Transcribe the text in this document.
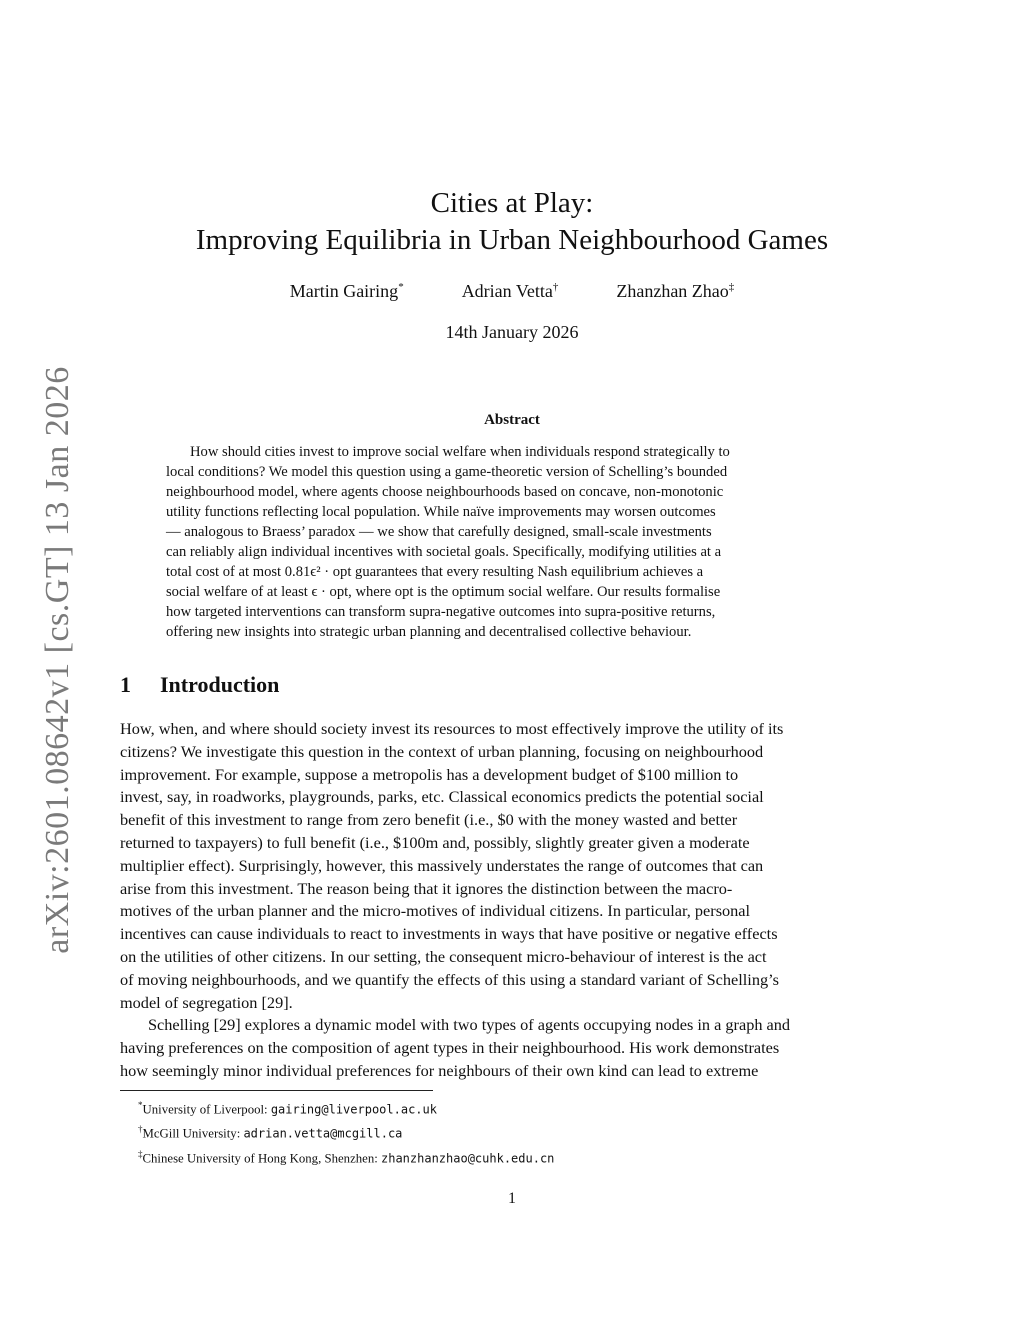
arXiv:2601.08642v1 [cs.GT] 13 Jan 2026
Cities at Play:
Improving Equilibria in Urban Neighbourhood Games
Martin Gairing*	Adrian Vetta†	Zhanzhan Zhao‡
14th January 2026
Abstract
How should cities invest to improve social welfare when individuals respond strategically to
local conditions? We model this question using a game-theoretic version of Schelling’s bounded
neighbourhood model, where agents choose neighbourhoods based on concave, non-monotonic
utility functions reflecting local population. While naïve improvements may worsen outcomes
— analogous to Braess’ paradox — we show that carefully designed, small-scale investments
can reliably align individual incentives with societal goals. Specifically, modifying utilities at a
total cost of at most 0.81ϵ² · opt guarantees that every resulting Nash equilibrium achieves a
social welfare of at least ϵ · opt, where opt is the optimum social welfare. Our results formalise
how targeted interventions can transform supra-negative outcomes into supra-positive returns,
offering new insights into strategic urban planning and decentralised collective behaviour.
1 Introduction
How, when, and where should society invest its resources to most effectively improve the utility of its
citizens? We investigate this question in the context of urban planning, focusing on neighbourhood
improvement. For example, suppose a metropolis has a development budget of $100 million to
invest, say, in roadworks, playgrounds, parks, etc. Classical economics predicts the potential social
benefit of this investment to range from zero benefit (i.e., $0 with the money wasted and better
returned to taxpayers) to full benefit (i.e., $100m and, possibly, slightly greater given a moderate
multiplier effect). Surprisingly, however, this massively understates the range of outcomes that can
arise from this investment. The reason being that it ignores the distinction between the macro-
motives of the urban planner and the micro-motives of individual citizens. In particular, personal
incentives can cause individuals to react to investments in ways that have positive or negative effects
on the utilities of other citizens. In our setting, the consequent micro-behaviour of interest is the act
of moving neighbourhoods, and we quantify the effects of this using a standard variant of Schelling’s
model of segregation [29].
Schelling [29] explores a dynamic model with two types of agents occupying nodes in a graph and
having preferences on the composition of agent types in their neighbourhood. His work demonstrates
how seemingly minor individual preferences for neighbours of their own kind can lead to extreme
*University of Liverpool: gairing@liverpool.ac.uk
†McGill University: adrian.vetta@mcgill.ca
‡Chinese University of Hong Kong, Shenzhen: zhanzhanzhao@cuhk.edu.cn
1
